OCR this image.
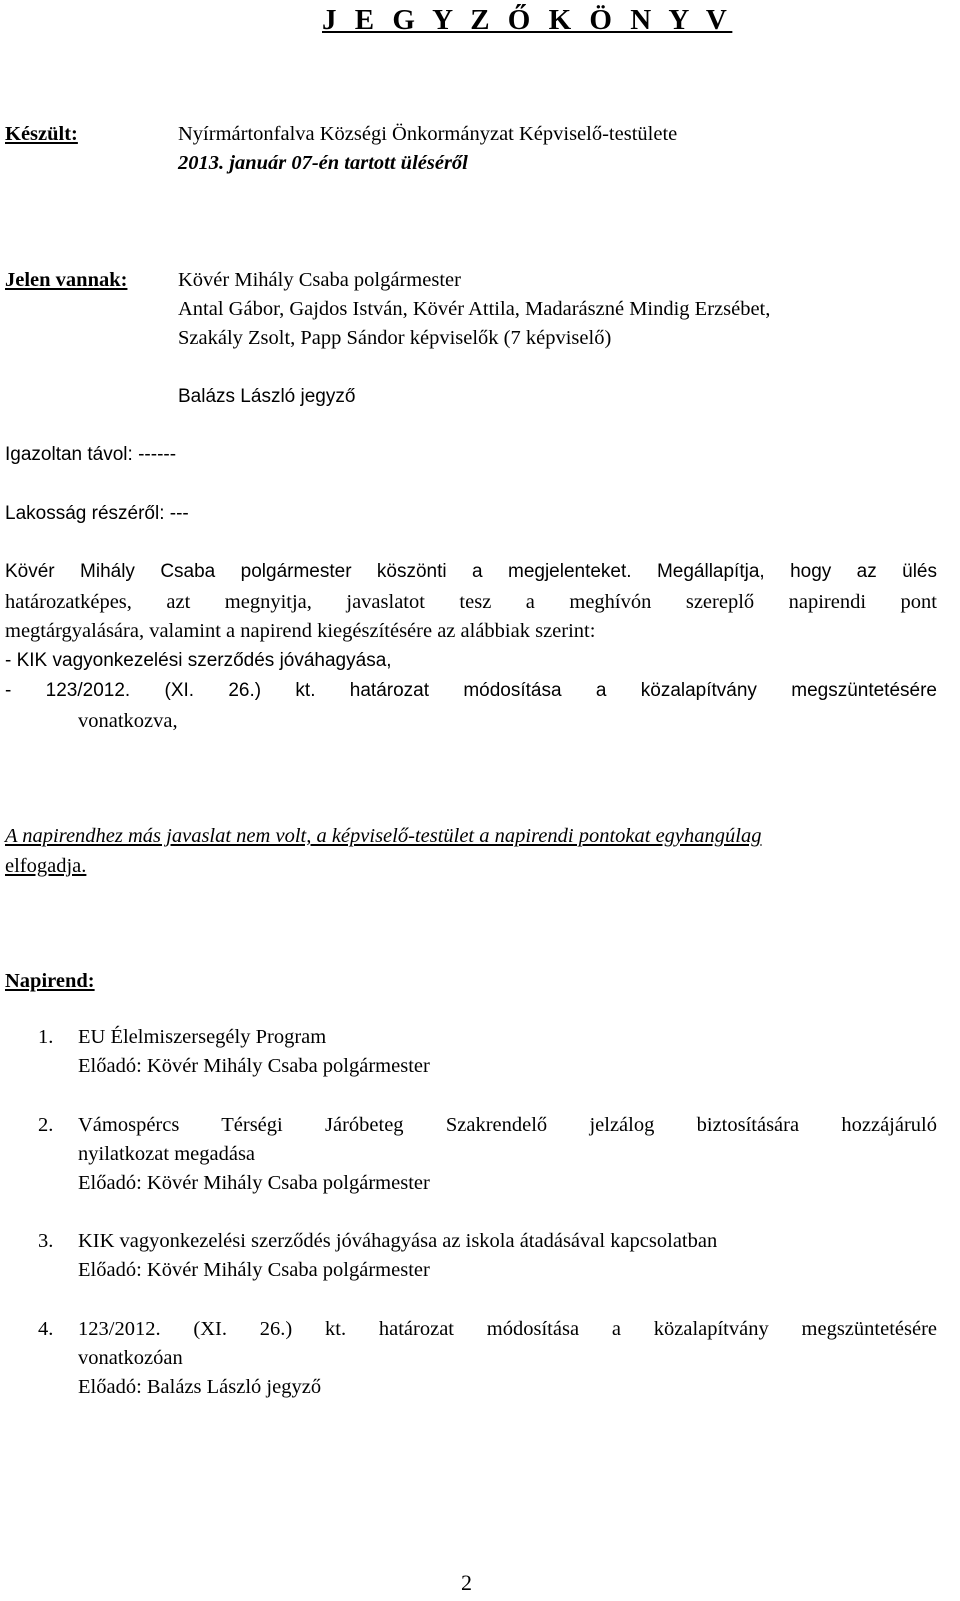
J E G Y Z Ő K Ö N Y V
Készült:	Nyírmártonfalva Községi Önkormányzat Képviselő-testülete
2013. január 07-én tartott üléséről
Jelen vannak: Kövér Mihály Csaba polgármester
Antal Gábor, Gajdos István, Kövér Attila, Madarászné Mindig Erzsébet,
Szakály Zsolt, Papp Sándor képviselők (7 képviselő)
Balázs László jegyző
Igazoltan távol: ------
Lakosság részéről: ---
Kövér Mihály Csaba polgármester köszönti a megjelenteket. Megállapítja, hogy az ülés
határozatképes, azt megnyitja, javaslatot tesz a meghívón szereplő napirendi pont
megtárgyalására, valamint a napirend kiegészítésére az alábbiak szerint:
- KIK vagyonkezelési szerződés jóváhagyása,
- 123/2012. (XI. 26.) kt. határozat módosítása a közalapítvány megszüntetésére
vonatkozva,
A napirendhez más javaslat nem volt, a képviselő-testület a napirendi pontokat egyhangúlag
elfogadja.
Napirend:
1. EU Élelmiszersegély Program
Előadó: Kövér Mihály Csaba polgármester
2. Vámospércs Térségi Járóbeteg Szakrendelő jelzálog biztosítására hozzájáruló
nyilatkozat megadása
Előadó: Kövér Mihály Csaba polgármester
3. KIK vagyonkezelési szerződés jóváhagyása az iskola átadásával kapcsolatban
Előadó: Kövér Mihály Csaba polgármester
4. 123/2012. (XI. 26.) kt. határozat módosítása a közalapítvány megszüntetésére
vonatkozóan
Előadó: Balázs László jegyző
2
